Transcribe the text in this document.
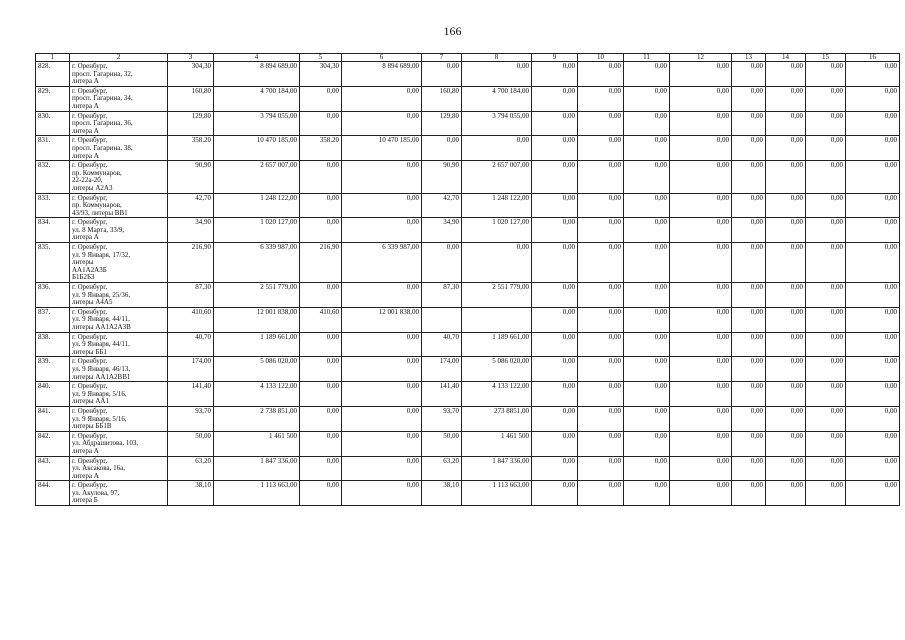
166
1	2	3	4	5	6	7	8	9	10	11	12	13	14	15	16
828.	г. Оренбург,
просп. Гагарина, 32,
литера А	304,30	8 894 689,00	304,30	8 894 689,00	0,00	0,00	0,00	0,00	0,00	0,00	0,00	0,00	0,00	0,00
829.	г. Оренбург,
просп. Гагарина, 34,
литера А	160,80	4 700 184,00	0,00	0,00	160,80	4 700 184,00	0,00	0,00	0,00	0,00	0,00	0,00	0,00	0,00
830.	г. Оренбург,
просп. Гагарина, 36,
литера А	129,80	3 794 055,00	0,00	0,00	129,80	3 794 055,00	0,00	0,00	0,00	0,00	0,00	0,00	0,00	0,00
831.	г. Оренбург,
просп. Гагарина, 38,
литера А	358,20	10 470 185,00	358,20	10 470 185,00	0,00	0,00	0,00	0,00	0,00	0,00	0,00	0,00	0,00	0,00
832.	г. Оренбург,
пр. Коммунаров,
22-22а-20,
литеры А2А3	90,90	2 657 007,00	0,00	0,00	90,90	2 657 007,00	0,00	0,00	0,00	0,00	0,00	0,00	0,00	0,00
833.	г. Оренбург,
пр. Коммунаров,
43/93, литеры ВВ1	42,70	1 248 122,00	0,00	0,00	42,70	1 248 122,00	0,00	0,00	0,00	0,00	0,00	0,00	0,00	0,00
834.	г. Оренбург,
ул. 8 Марта, 33/9,
литера А	34,90	1 020 127,00	0,00	0,00	34,90	1 020 127,00	0,00	0,00	0,00	0,00	0,00	0,00	0,00	0,00
835.	г. Оренбург,
ул. 9 Января, 17/32,
литеры
АА1А2А3Б
Б1Б2Б3	216,90	6 339 987,00	216,90	6 339 987,00	0,00	0,00	0,00	0,00	0,00	0,00	0,00	0,00	0,00	0,00
836.	г. Оренбург,
ул. 9 Января, 25/36,
литеры А4А5	87,30	2 551 779,00	0,00	0,00	87,30	2 551 779,00	0,00	0,00	0,00	0,00	0,00	0,00	0,00	0,00
837.	г. Оренбург,
ул. 9 Января, 44/11,
литеры АА1А2А3В	410,60	12 001 838,00	410,60	12 001 838,00			0,00	0,00	0,00	0,00	0,00	0,00	0,00	0,00
838.	г. Оренбург,
ул. 9 Января, 44/11,
литеры ББ1	40,70	1 189 661,00	0,00	0,00	40,70	1 189 661,00	0,00	0,00	0,00	0,00	0,00	0,00	0,00	0,00
839.	г. Оренбург,
ул. 9 Января, 46/13,
литеры АА1А2ВВ1	174,00	5 086 020,00	0,00	0,00	174,00	5 086 020,00	0,00	0,00	0,00	0,00	0,00	0,00	0,00	0,00
840.	г. Оренбург,
ул. 9 Января, 5/16,
литеры АА1	141,40	4 133 122,00	0,00	0,00	141,40	4 133 122,00	0,00	0,00	0,00	0,00	0,00	0,00	0,00	0,00
841.	г. Оренбург,
ул. 9 Января, 5/16,
литеры ББ1В	93,70	2 738 851,00	0,00	0,00	93,70	273 8851,00	0,00	0,00	0,00	0,00	0,00	0,00	0,00	0,00
842.	г. Оренбург,
ул. Абдрашитова, 103,
литера А	50,00	1 461 500	0,00	0,00	50,00	1 461 500	0,00	0,00	0,00	0,00	0,00	0,00	0,00	0,00
843.	г. Оренбург,
ул. Аксакова, 16а,
литера А	63,20	1 847 336,00	0,00	0,00	63,20	1 847 336,00	0,00	0,00	0,00	0,00	0,00	0,00	0,00	0,00
844.	г. Оренбург,
ул. Акулова, 97,
литера Б	38,10	1 113 663,00	0,00	0,00	38,10	1 113 663,00	0,00	0,00	0,00	0,00	0,00	0,00	0,00	0,00
